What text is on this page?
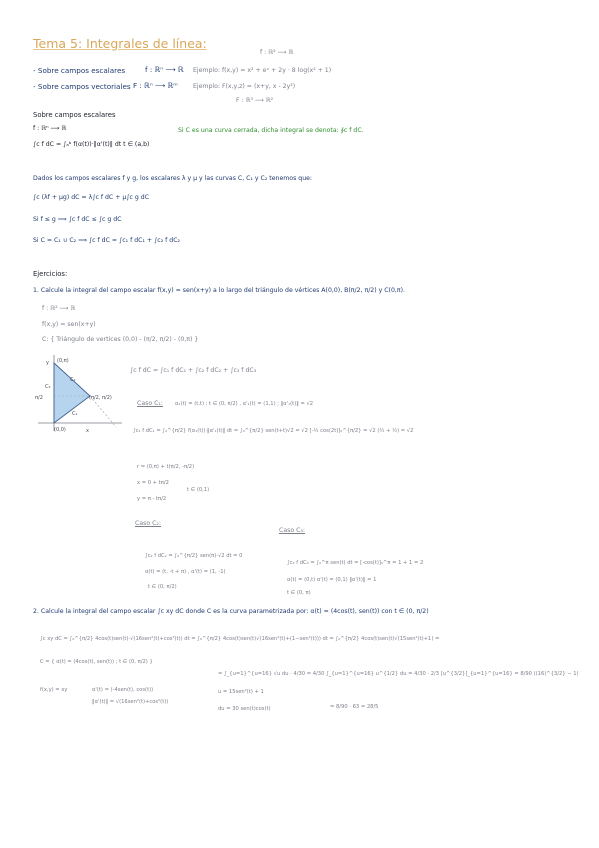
Tema 5: Integrales de línea:
f : ℝ² ⟶ ℝ
- Sobre campos escalares	f : ℝⁿ ⟶ ℝ Ejemplo: f(x,y) = x² + eˣ + 2y · 8 log(x² + 1)
- Sobre campos vectoriales F : ℝⁿ ⟶ ℝᵐ Ejemplo: F(x,y,z) = (x+y, x - 2y²)
F : ℝ³ ⟶ ℝ²
Sobre campos escalares
f : ℝⁿ ⟶ ℝ
∫c f dC = ∫ₐᵇ f(α(t))·‖α'(t)‖ dt t ∈ (a,b)
Si C es una curva cerrada, dicha integral se denota: ∮c f dC.
Dados los campos escalares f y g, los escalares λ y μ y las curvas C, C₁ y C₂ tenemos que:
∫c (λf + μg) dC = λ∫c f dC + μ∫c g dC
Si f ≤ g ⟹ ∫c f dC ≤ ∫c g dC
Si C = C₁ ∪ C₂ ⟹ ∫c f dC = ∫c₁ f dC₁ + ∫c₂ f dC₂
Ejercicios:
1. Calcule la integral del campo escalar f(x,y) = sen(x+y) a lo largo del triángulo de vértices A(0,0), B(π/2, π/2) y C(0,π).
f : ℝ² ⟶ ℝ
f(x,y) = sen(x+y)
C: { Triángulo de vertices (0,0) - (π/2, π/2) - (0,π) }
y (0,π)
π/2	(π/2, π/2)
(0,0)	x
C₃
C₂
C₁
∫c f dC = ∫c₁ f dC₁ + ∫c₂ f dC₂ + ∫c₃ f dC₃
Caso C₁: α₁(t) = (t,t) ; t ∈ (0, π/2) , α'₁(t) = (1,1) ; ‖α'₁(t)‖ = √2
∫c₁ f dC₁ = ∫₀^{π/2} f(α₁(t))·‖α'₁(t)‖ dt = ∫₀^{π/2} sen(t+t)√2 = √2 [-½ cos(2t)]₀^{π/2} = √2 (½ + ½) = √2
r = (0,π) + t(π/2, -π/2)
x = 0 + tπ/2
t ∈ (0,1)
y = π - tπ/2
Caso C₂:
∫c₂ f dC₂ = ∫₀^{π/2} sen(π)·√2 dt = 0
α(t) = (t, -t + π) , α'(t) = (1, -1)
t ∈ (0, π/2)
Caso C₃:
∫c₃ f dC₃ = ∫₀^π sen(t) dt = [-cos(t)]₀^π = 1 + 1 = 2
α(t) = (0,t) α'(t) = (0,1) ‖α'(t)‖ = 1
t ∈ (0, π)
2. Calcule la integral del campo escalar ∫c xy dC donde C es la curva parametrizada por: α(t) = (4cos(t), sen(t)) con t ∈ (0, π/2)
∫c xy dC = ∫₀^{π/2} 4cos(t)sen(t)·√(16sen²(t)+cos²(t)) dt = ∫₀^{π/2} 4cos(t)sen(t)√(16sen²(t)+(1−sen²(t))) dt = ∫₀^{π/2} 4cos(t)sen(t)√(15sen²(t)+1) =
C = { α(t) = (4cos(t), sen(t)) ; t ∈ (0, π/2) }
f(x,y) = xy	α'(t) = (-4sen(t), cos(t))
‖α'(t)‖ = √(16sen²(t)+cos²(t))
= ∫_{u=1}^{u=16} √u du · 4/30 = 4/30 ∫_{u=1}^{u=16} u^{1/2} du = 4/30 · 2/3 [u^{3/2}]_{u=1}^{u=16} = 8/90 ((16)^{3/2} − 1)
u = 15sen²(t) + 1
du = 30 sen(t)cos(t)	= 8/90 · 63 = 28/5
